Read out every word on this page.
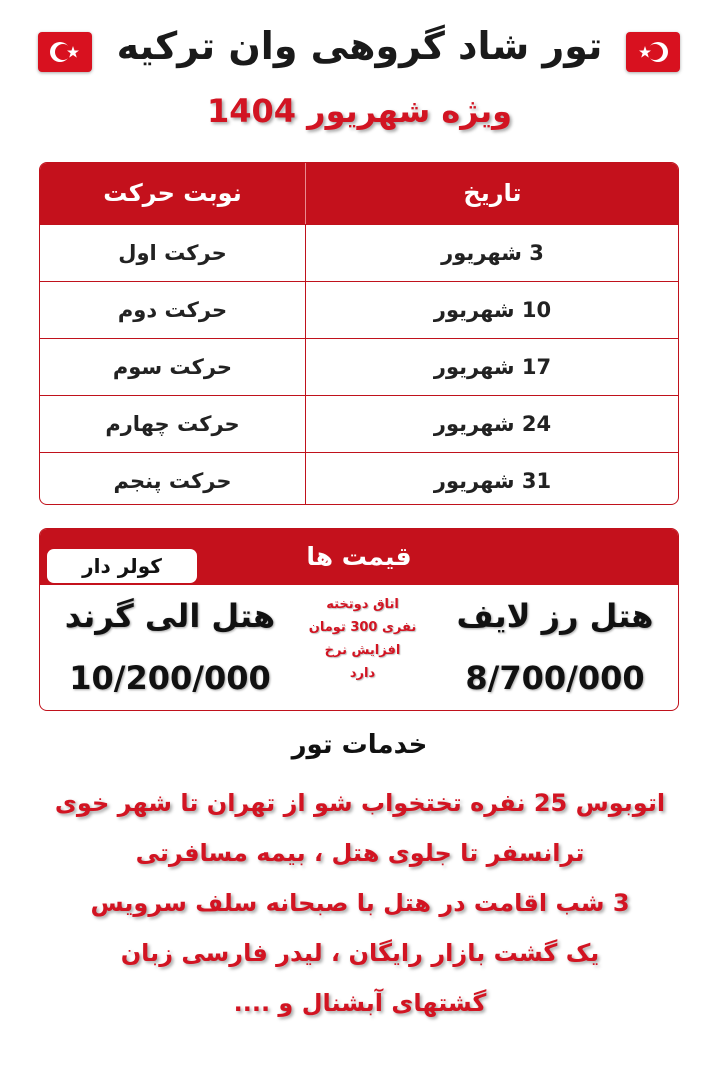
تور شاد گروهی وان ترکیه
ویژه شهریور 1404
تاریخ
نوبت حرکت
3 شهریور
حرکت اول
10 شهریور
حرکت دوم
17 شهریور
حرکت سوم
24 شهریور
حرکت چهارم
31 شهریور
حرکت پنجم
قیمت ها
کولر دار
هتل رز لایف
8/700/000
اتاق دوتخته
نفری 300 تومان
افزایش نرخ
دارد
هتل الی گرند
10/200/000
خدمات تور
اتوبوس 25 نفره تختخواب شو از تهران تا شهر خوی
ترانسفر تا جلوی هتل ، بیمه مسافرتی
3 شب اقامت در هتل با صبحانه سلف سرویس
یک گشت بازار رایگان ، لیدر فارسی زبان
گشتهای آبشنال و ....
